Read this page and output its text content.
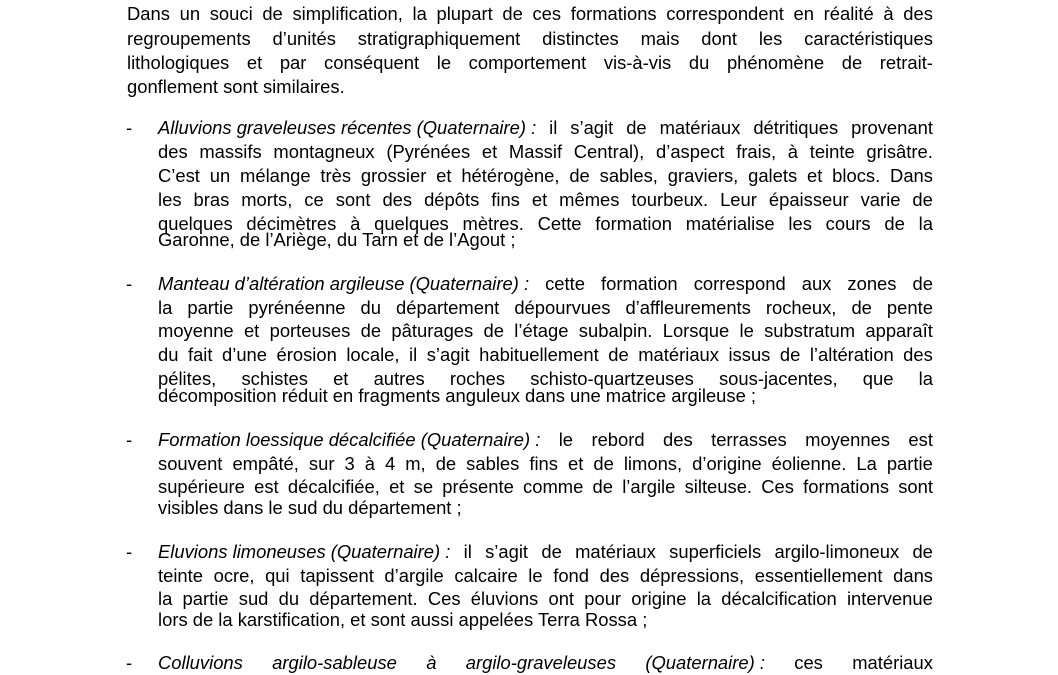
Dans un souci de simplification, la plupart de ces formations correspondent en réalité à des
regroupements d’unités stratigraphiquement distinctes mais dont les caractéristiques
lithologiques et par conséquent le comportement vis-à-vis du phénomène de retrait-
gonflement sont similaires.
-	Alluvions graveleuses récentes (Quaternaire) : il s’agit de matériaux détritiques provenant
des massifs montagneux (Pyrénées et Massif Central), d’aspect frais, à teinte grisâtre.
C’est un mélange très grossier et hétérogène, de sables, graviers, galets et blocs. Dans
les bras morts, ce sont des dépôts fins et mêmes tourbeux. Leur épaisseur varie de
quelques décimètres à quelques mètres. Cette formation matérialise les cours de la
Garonne, de l’Ariège, du Tarn et de l’Agout ;
-	Manteau d’altération argileuse (Quaternaire) : cette formation correspond aux zones de
la partie pyrénéenne du département dépourvues d’affleurements rocheux, de pente
moyenne et porteuses de pâturages de l’étage subalpin. Lorsque le substratum apparaît
du fait d’une érosion locale, il s’agit habituellement de matériaux issus de l’altération des
pélites, schistes et autres roches schisto-quartzeuses sous-jacentes, que la
décomposition réduit en fragments anguleux dans une matrice argileuse ;
-	Formation loessique décalcifiée (Quaternaire) : le rebord des terrasses moyennes est
souvent empâté, sur 3 à 4 m, de sables fins et de limons, d’origine éolienne. La partie
supérieure est décalcifiée, et se présente comme de l’argile silteuse. Ces formations sont
visibles dans le sud du département ;
-	Eluvions limoneuses (Quaternaire) : il s’agit de matériaux superficiels argilo-limoneux de
teinte ocre, qui tapissent d’argile calcaire le fond des dépressions, essentiellement dans
la partie sud du département. Ces éluvions ont pour origine la décalcification intervenue
lors de la karstification, et sont aussi appelées Terra Rossa ;
-	Colluvions argilo-sableuse à argilo-graveleuses (Quaternaire) : ces matériaux
